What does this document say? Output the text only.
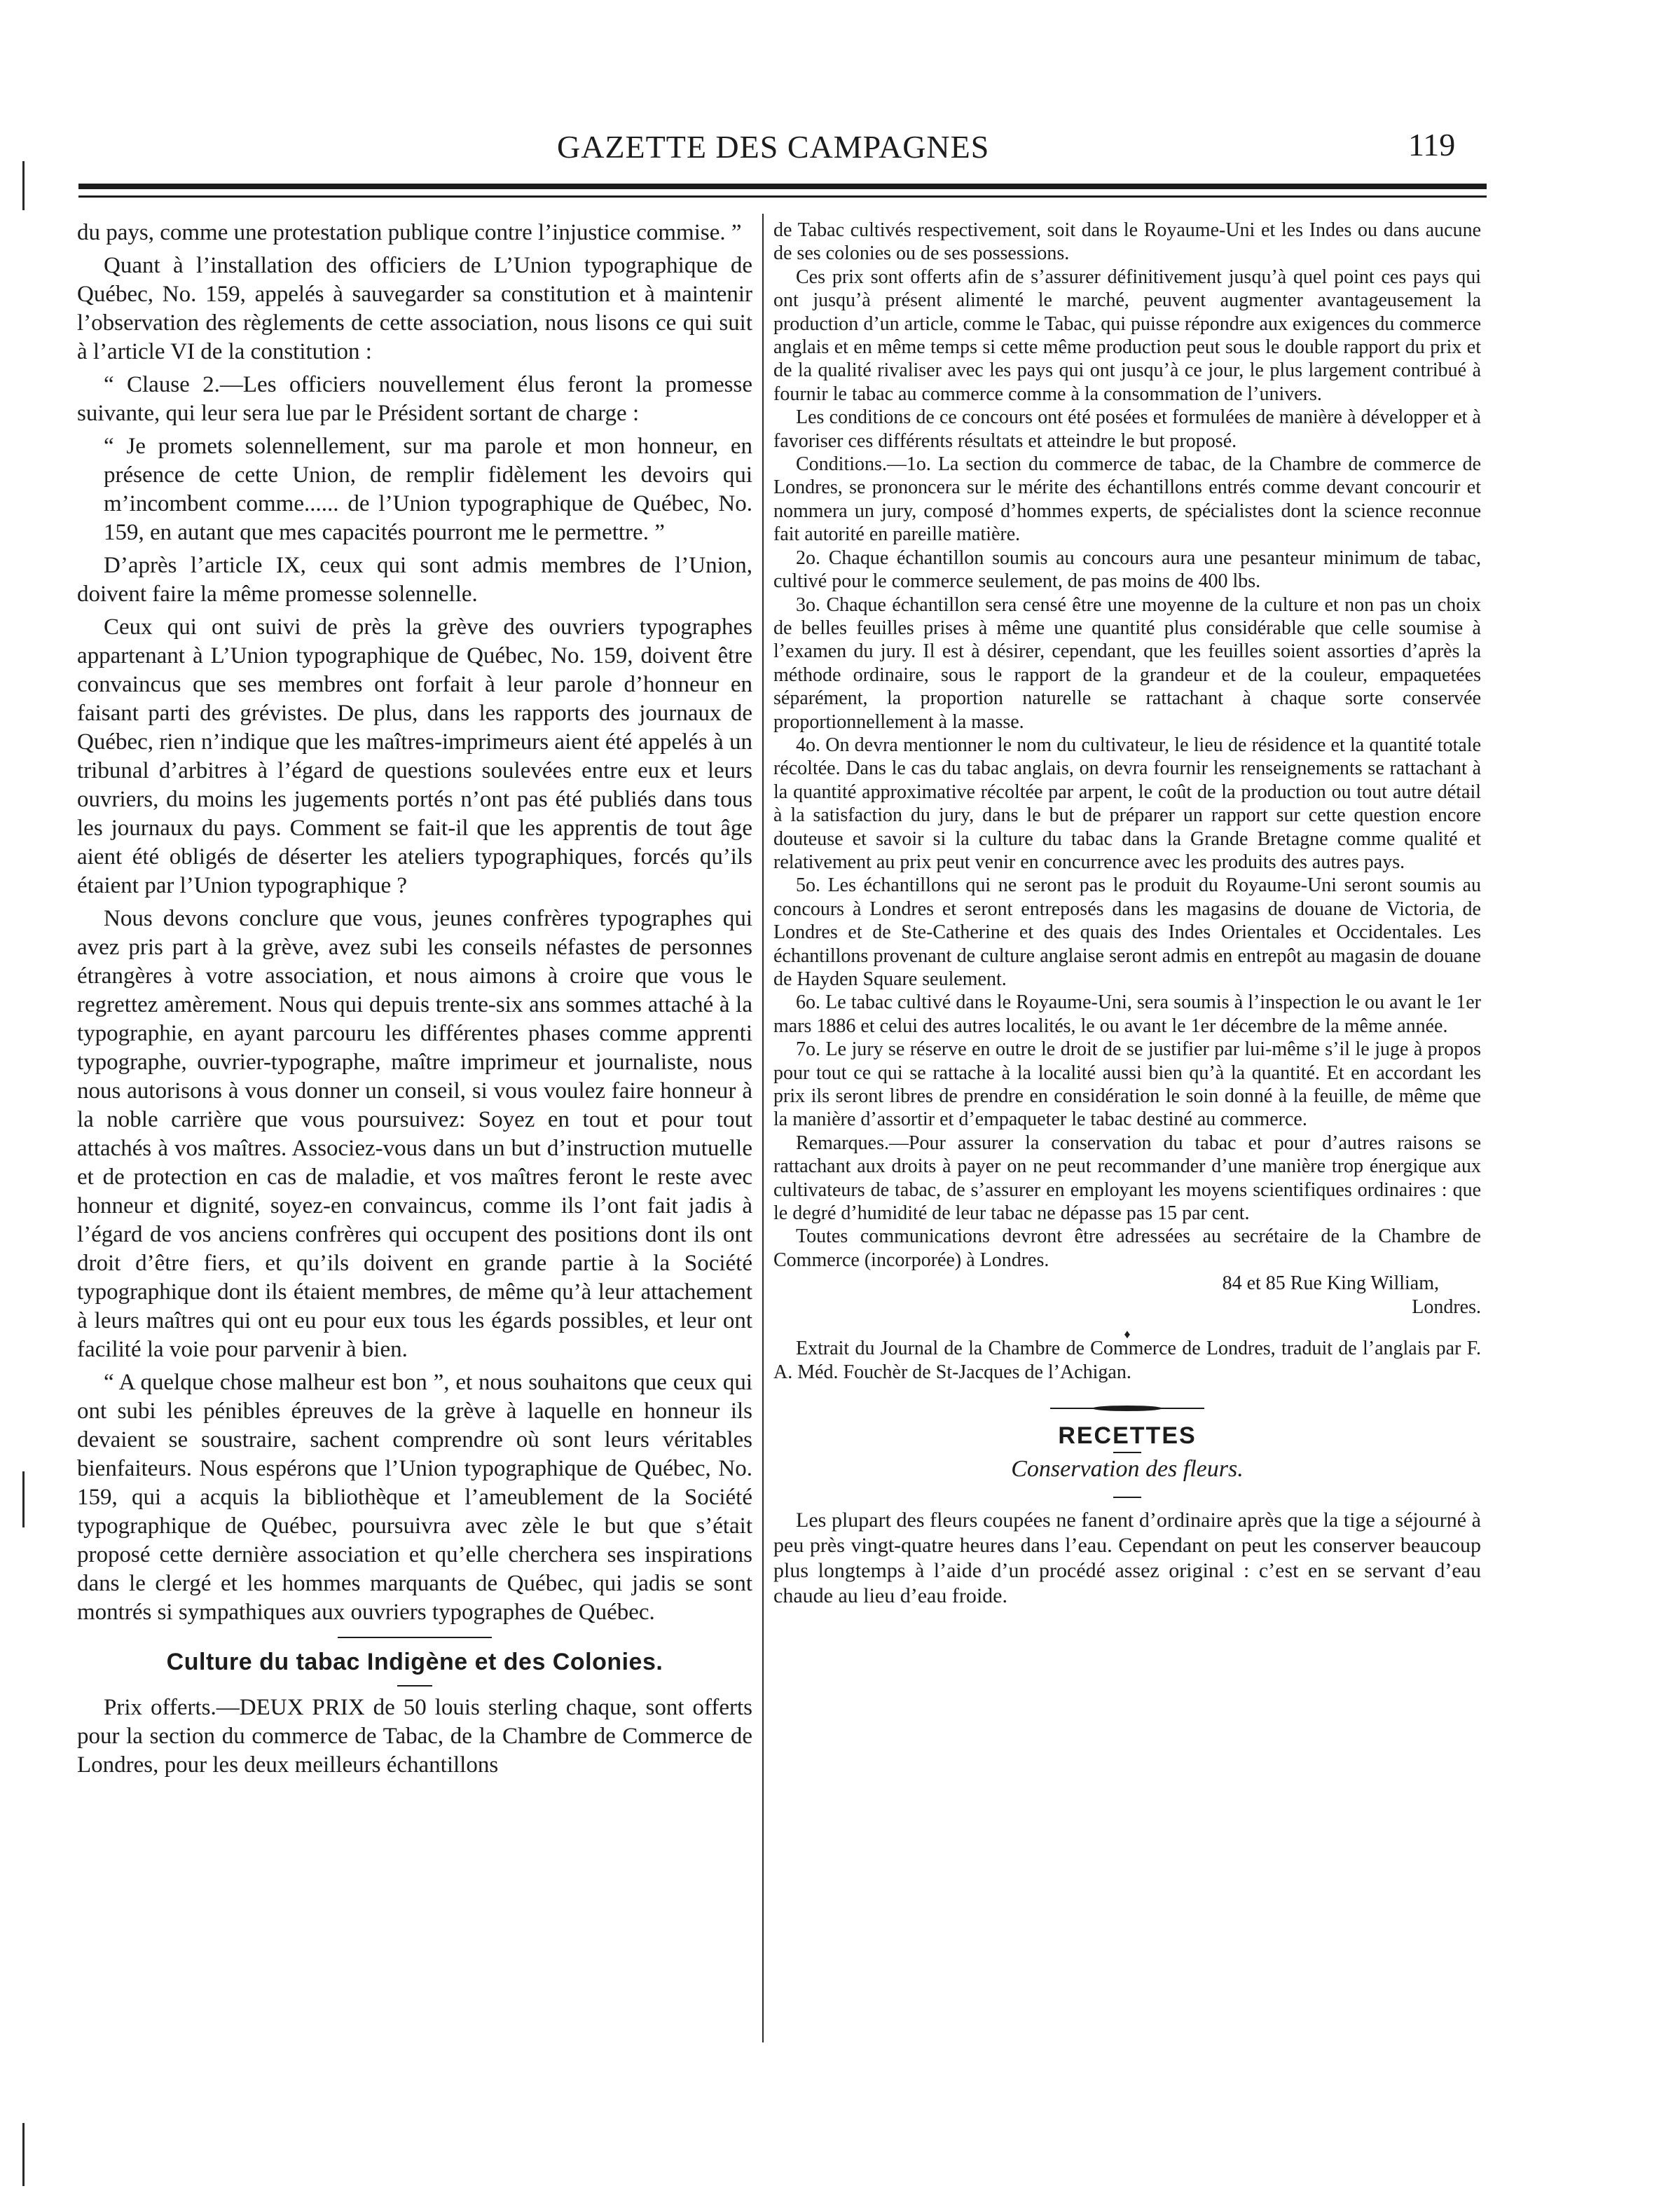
GAZETTE DES CAMPAGNES	119

du pays, comme une protestation publique contre l’injustice commise. ”

Quant à l’installation des officiers de L’Union typographique de Québec, No. 159, appelés à sauvegarder sa constitution et à maintenir l’observation des règlements de cette association, nous lisons ce qui suit à l’article VI de la constitution :

“ Clause 2.—Les officiers nouvellement élus feront la promesse suivante, qui leur sera lue par le Président sortant de charge :

“ Je promets solennellement, sur ma parole et mon honneur, en présence de cette Union, de remplir fidèlement les devoirs qui m’incombent comme...... de l’Union typographique de Québec, No. 159, en autant que mes capacités pourront me le permettre. ”

D’après l’article IX, ceux qui sont admis membres de l’Union, doivent faire la même promesse solennelle.

Ceux qui ont suivi de près la grève des ouvriers typographes appartenant à L’Union typographique de Québec, No. 159, doivent être convaincus que ses membres ont forfait à leur parole d’honneur en faisant parti des grévistes. De plus, dans les rapports des journaux de Québec, rien n’indique que les maîtres-imprimeurs aient été appelés à un tribunal d’arbitres à l’égard de questions soulevées entre eux et leurs ouvriers, du moins les jugements portés n’ont pas été publiés dans tous les journaux du pays. Comment se fait-il que les apprentis de tout âge aient été obligés de déserter les ateliers typographiques, forcés qu’ils étaient par l’Union typographique ?

Nous devons conclure que vous, jeunes confrères typographes qui avez pris part à la grève, avez subi les conseils néfastes de personnes étrangères à votre association, et nous aimons à croire que vous le regrettez amèrement. Nous qui depuis trente-six ans sommes attaché à la typographie, en ayant parcouru les différentes phases comme apprenti typographe, ouvrier-typographe, maître imprimeur et journaliste, nous nous autorisons à vous donner un conseil, si vous voulez faire honneur à la noble carrière que vous poursuivez: Soyez en tout et pour tout attachés à vos maîtres. Associez-vous dans un but d’instruction mutuelle et de protection en cas de maladie, et vos maîtres feront le reste avec honneur et dignité, soyez-en convaincus, comme ils l’ont fait jadis à l’égard de vos anciens confrères qui occupent des positions dont ils ont droit d’être fiers, et qu’ils doivent en grande partie à la Société typographique dont ils étaient membres, de même qu’à leur attachement à leurs maîtres qui ont eu pour eux tous les égards possibles, et leur ont facilité la voie pour parvenir à bien.

“ A quelque chose malheur est bon ”, et nous souhaitons que ceux qui ont subi les pénibles épreuves de la grève à laquelle en honneur ils devaient se soustraire, sachent comprendre où sont leurs véritables bienfaiteurs. Nous espérons que l’Union typographique de Québec, No. 159, qui a acquis la bibliothèque et l’ameublement de la Société typographique de Québec, poursuivra avec zèle le but que s’était proposé cette dernière association et qu’elle cherchera ses inspirations dans le clergé et les hommes marquants de Québec, qui jadis se sont montrés si sympathiques aux ouvriers typographes de Québec.

Culture du tabac Indigène et des Colonies.

Prix offerts.—DEUX PRIX de 50 louis sterling chaque, sont offerts pour la section du commerce de Tabac, de la Chambre de Commerce de Londres, pour les deux meilleurs échantillons

de Tabac cultivés respectivement, soit dans le Royaume-Uni et les Indes ou dans aucune de ses colonies ou de ses possessions.

Ces prix sont offerts afin de s’assurer définitivement jusqu’à quel point ces pays qui ont jusqu’à présent alimenté le marché, peuvent augmenter avantageusement la production d’un article, comme le Tabac, qui puisse répondre aux exigences du commerce anglais et en même temps si cette même production peut sous le double rapport du prix et de la qualité rivaliser avec les pays qui ont jusqu’à ce jour, le plus largement contribué à fournir le tabac au commerce comme à la consommation de l’univers.

Les conditions de ce concours ont été posées et formulées de manière à développer et à favoriser ces différents résultats et atteindre le but proposé.

Conditions.—1o. La section du commerce de tabac, de la Chambre de commerce de Londres, se prononcera sur le mérite des échantillons entrés comme devant concourir et nommera un jury, composé d’hommes experts, de spécialistes dont la science reconnue fait autorité en pareille matière.

2o. Chaque échantillon soumis au concours aura une pesanteur minimum de tabac, cultivé pour le commerce seulement, de pas moins de 400 lbs.

3o. Chaque échantillon sera censé être une moyenne de la culture et non pas un choix de belles feuilles prises à même une quantité plus considérable que celle soumise à l’examen du jury. Il est à désirer, cependant, que les feuilles soient assorties d’après la méthode ordinaire, sous le rapport de la grandeur et de la couleur, empaquetées séparément, la proportion naturelle se rattachant à chaque sorte conservée proportionnellement à la masse.

4o. On devra mentionner le nom du cultivateur, le lieu de résidence et la quantité totale récoltée. Dans le cas du tabac anglais, on devra fournir les renseignements se rattachant à la quantité approximative récoltée par arpent, le coût de la production ou tout autre détail à la satisfaction du jury, dans le but de préparer un rapport sur cette question encore douteuse et savoir si la culture du tabac dans la Grande Bretagne comme qualité et relativement au prix peut venir en concurrence avec les produits des autres pays.

5o. Les échantillons qui ne seront pas le produit du Royaume-Uni seront soumis au concours à Londres et seront entreposés dans les magasins de douane de Victoria, de Londres et de Ste-Catherine et des quais des Indes Orientales et Occidentales. Les échantillons provenant de culture anglaise seront admis en entrepôt au magasin de douane de Hayden Square seulement.

6o. Le tabac cultivé dans le Royaume-Uni, sera soumis à l’inspection le ou avant le 1er mars 1886 et celui des autres localités, le ou avant le 1er décembre de la même année.

7o. Le jury se réserve en outre le droit de se justifier par lui-même s’il le juge à propos pour tout ce qui se rattache à la localité aussi bien qu’à la quantité. Et en accordant les prix ils seront libres de prendre en considération le soin donné à la feuille, de même que la manière d’assortir et d’empaqueter le tabac destiné au commerce.

Remarques.—Pour assurer la conservation du tabac et pour d’autres raisons se rattachant aux droits à payer on ne peut recommander d’une manière trop énergique aux cultivateurs de tabac, de s’assurer en employant les moyens scientifiques ordinaires : que le degré d’humidité de leur tabac ne dépasse pas 15 par cent.

Toutes communications devront être adressées au secrétaire de la Chambre de Commerce (incorporée) à Londres.

84 et 85 Rue King William,

Londres.

♦

Extrait du Journal de la Chambre de Commerce de Londres, traduit de l’anglais par F. A. Méd. Fouchèr de St-Jacques de l’Achigan.

RECETTES
Conservation des fleurs.

Les plupart des fleurs coupées ne fanent d’ordinaire après que la tige a séjourné à peu près vingt-quatre heures dans l’eau. Cependant on peut les conserver beaucoup plus longtemps à l’aide d’un procédé assez original : c’est en se servant d’eau chaude au lieu d’eau froide.
